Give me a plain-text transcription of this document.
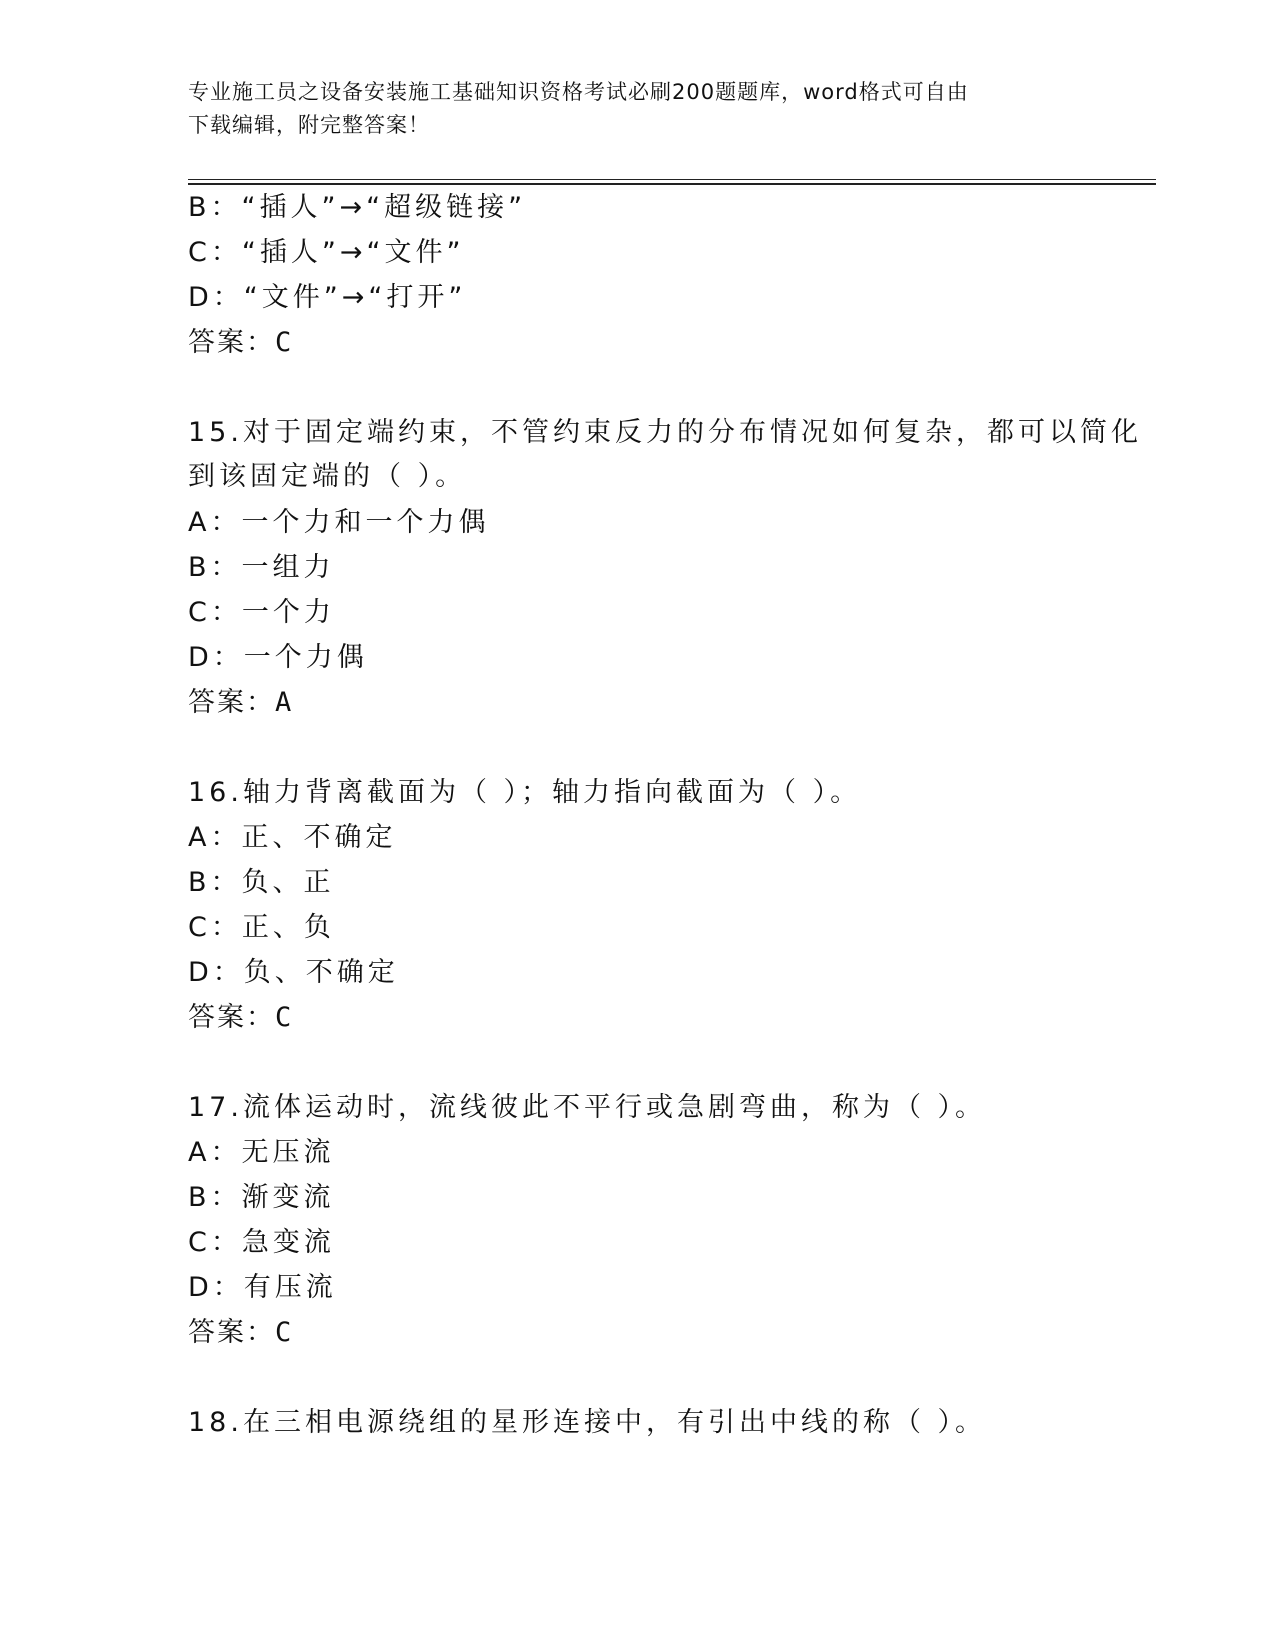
专业施工员之设备安装施工基础知识资格考试必刷200题题库，word格式可自由
下载编辑，附完整答案！
B：“插人”→“超级链接”
C：“插人”→“文件”
D：“文件”→“打开”
答案：C
15.对于固定端约束，不管约束反力的分布情况如何复杂，都可以简化
到该固定端的（ ）。
A：一个力和一个力偶
B：一组力
C：一个力
D：一个力偶
答案：A
16.轴力背离截面为（ ）；轴力指向截面为（ ）。
A：正、不确定
B：负、正
C：正、负
D：负、不确定
答案：C
17.流体运动时，流线彼此不平行或急剧弯曲，称为（ ）。
A：无压流
B：渐变流
C：急变流
D：有压流
答案：C
18.在三相电源绕组的星形连接中，有引出中线的称（ ）。
